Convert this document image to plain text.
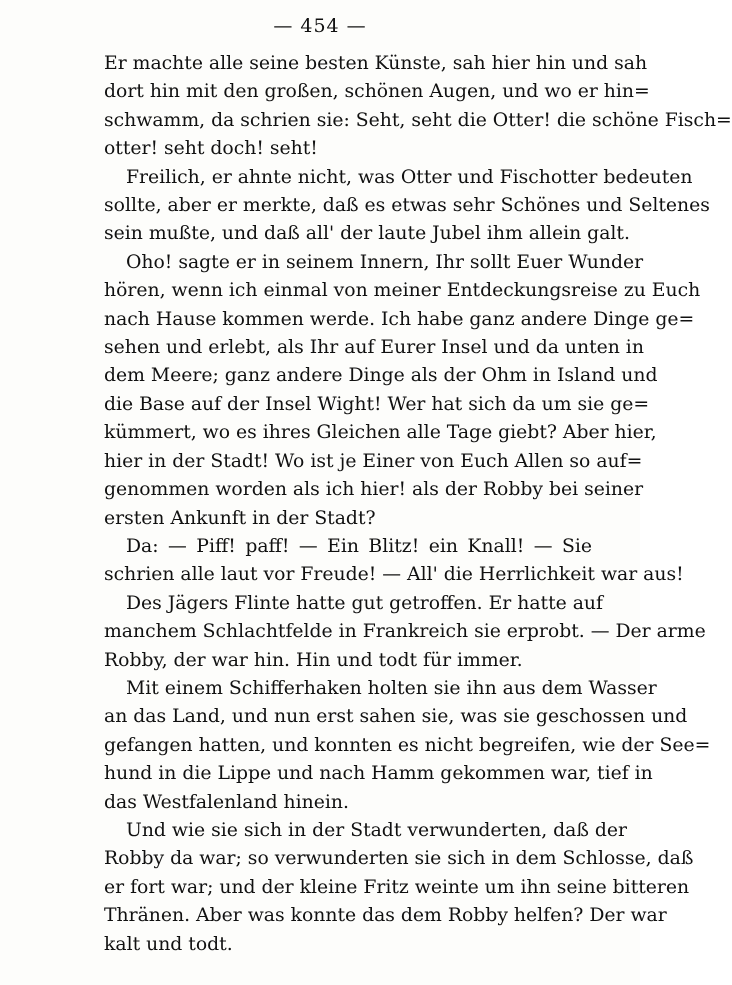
— 454 —

Er machte alle seine besten Künste, sah hier hin und sah
dort hin mit den großen, schönen Augen, und wo er hin=
schwamm, da schrien sie: Seht, seht die Otter! die schöne Fisch=
otter! seht doch! seht!

Freilich, er ahnte nicht, was Otter und Fischotter bedeuten
sollte, aber er merkte, daß es etwas sehr Schönes und Seltenes
sein mußte, und daß all' der laute Jubel ihm allein galt.

Oho! sagte er in seinem Innern, Ihr sollt Euer Wunder
hören, wenn ich einmal von meiner Entdeckungsreise zu Euch
nach Hause kommen werde. Ich habe ganz andere Dinge ge=
sehen und erlebt, als Ihr auf Eurer Insel und da unten in
dem Meere; ganz andere Dinge als der Ohm in Island und
die Base auf der Insel Wight! Wer hat sich da um sie ge=
kümmert, wo es ihres Gleichen alle Tage giebt? Aber hier,
hier in der Stadt! Wo ist je Einer von Euch Allen so auf=
genommen worden als ich hier! als der Robby bei seiner
ersten Ankunft in der Stadt?

Da: — Piff! paff! — Ein Blitz! ein Knall! — Sie
schrien alle laut vor Freude! — All' die Herrlichkeit war aus!

Des Jägers Flinte hatte gut getroffen. Er hatte auf
manchem Schlachtfelde in Frankreich sie erprobt. — Der arme
Robby, der war hin. Hin und todt für immer.

Mit einem Schifferhaken holten sie ihn aus dem Wasser
an das Land, und nun erst sahen sie, was sie geschossen und
gefangen hatten, und konnten es nicht begreifen, wie der See=
hund in die Lippe und nach Hamm gekommen war, tief in
das Westfalenland hinein.

Und wie sie sich in der Stadt verwunderten, daß der
Robby da war; so verwunderten sie sich in dem Schlosse, daß
er fort war; und der kleine Fritz weinte um ihn seine bitteren
Thränen. Aber was konnte das dem Robby helfen? Der war
kalt und todt.
